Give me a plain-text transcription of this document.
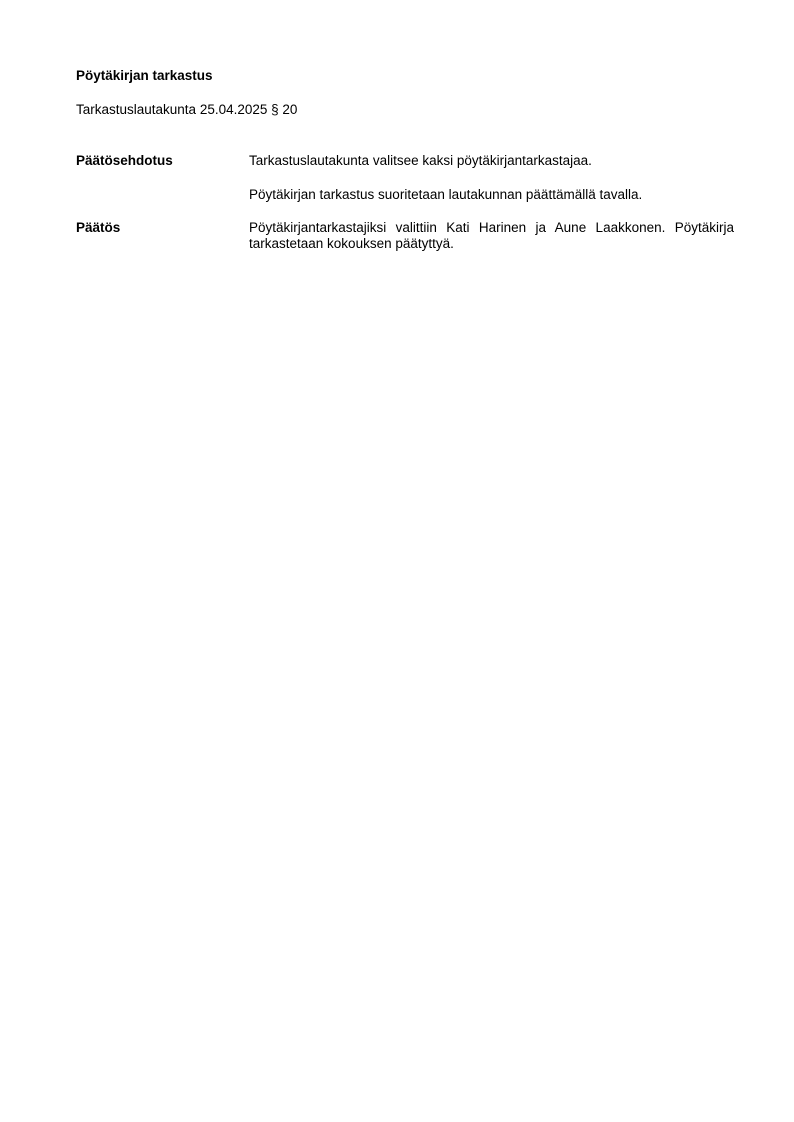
Pöytäkirjan tarkastus
Tarkastuslautakunta 25.04.2025 § 20
Päätösehdotus	Tarkastuslautakunta valitsee kaksi pöytäkirjantarkastajaa.

Pöytäkirjan tarkastus suoritetaan lautakunnan päättämällä tavalla.

Päätös	Pöytäkirjantarkastajiksi valittiin Kati Harinen ja Aune Laakkonen. Pöytäkirja tarkastetaan kokouksen päätyttyä.
